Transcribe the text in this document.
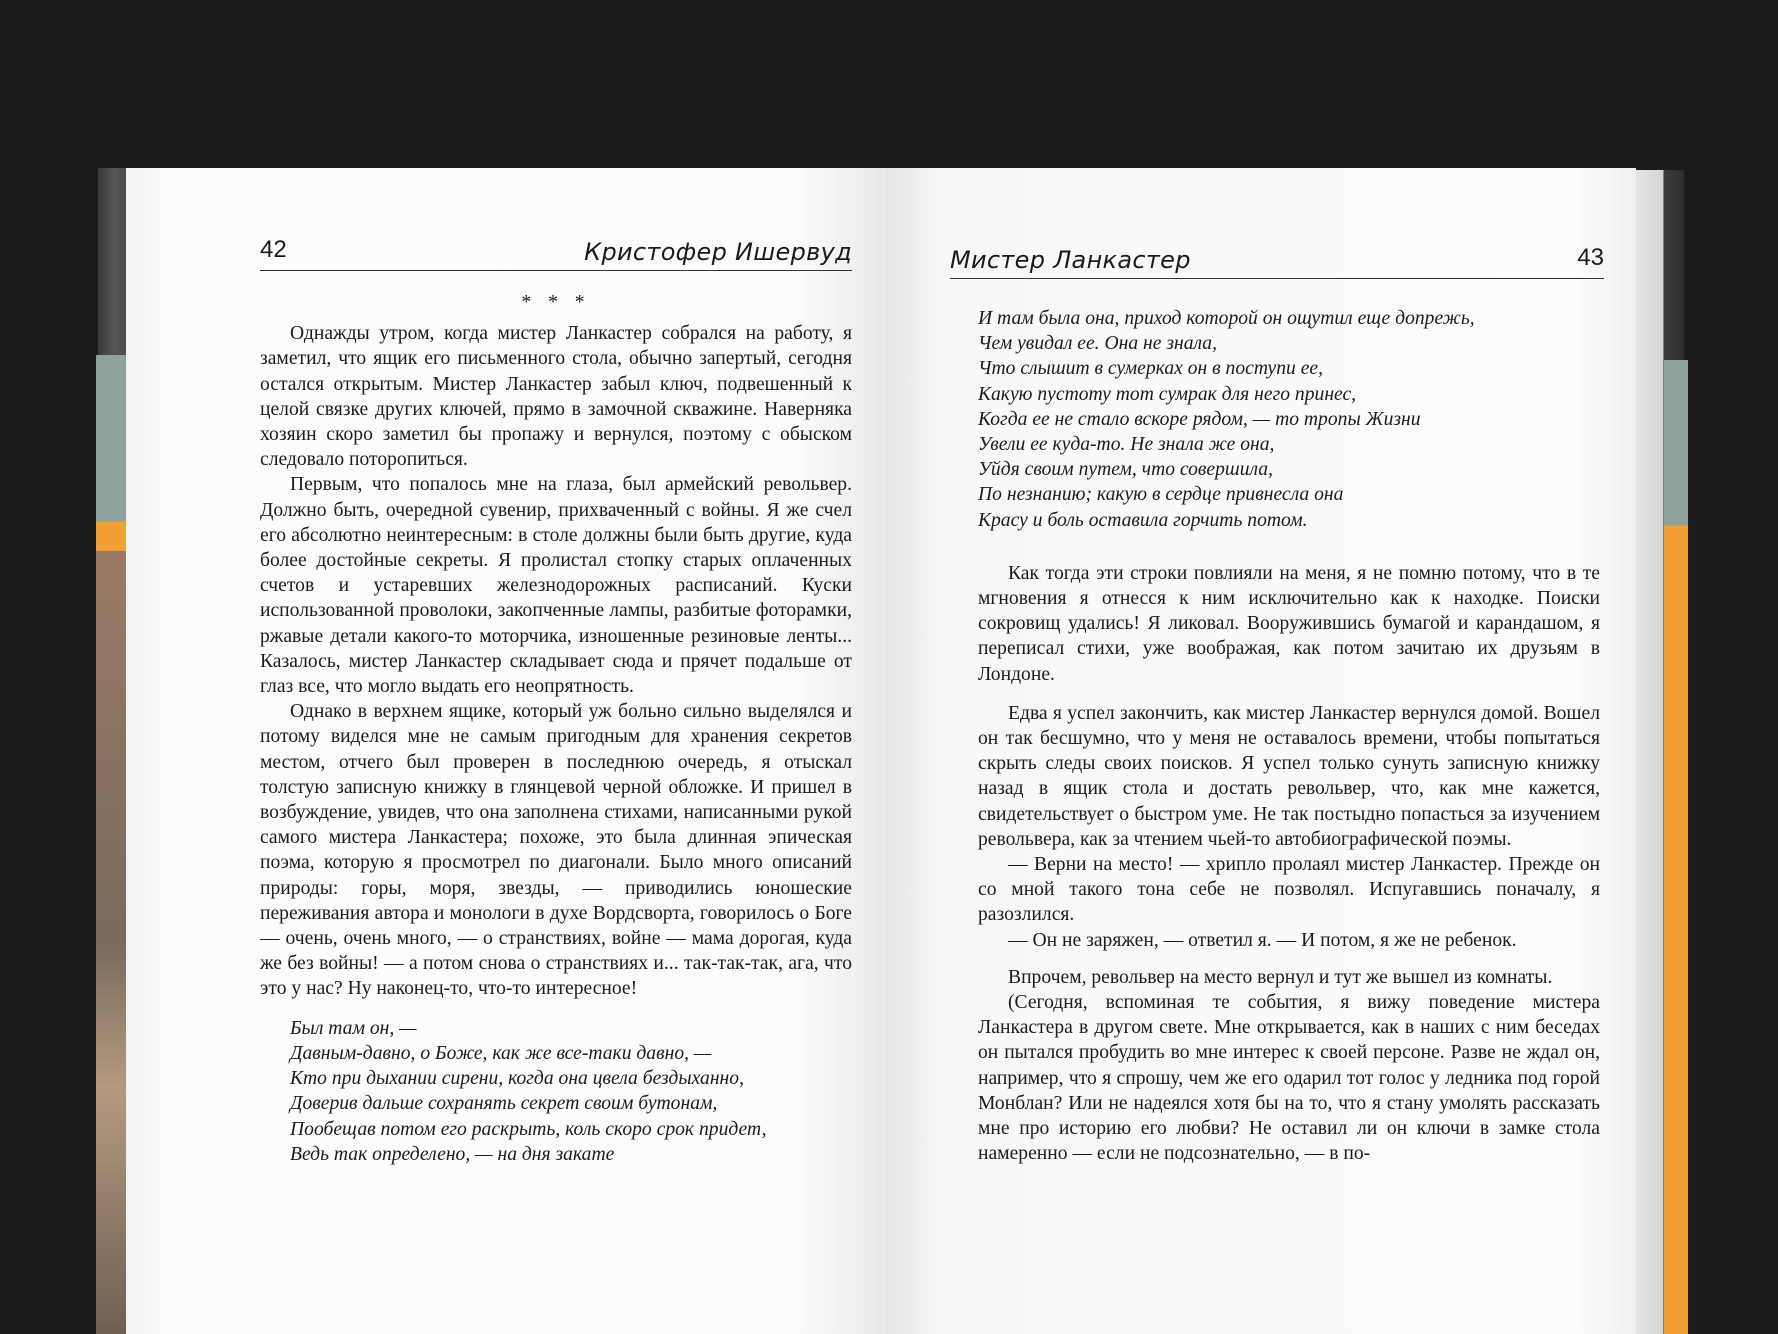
42	Кристофер Ишервуд
* * *

Однажды утром, когда мистер Ланкастер собрался на работу, я заметил, что ящик его письменного стола, обычно запертый, сегодня остался открытым. Мистер Ланкастер забыл ключ, подвешенный к целой связке других ключей, прямо в замочной скважине. Наверняка хозяин скоро заметил бы пропажу и вернулся, поэтому с обыском следовало поторопиться.

Первым, что попалось мне на глаза, был армейский револьвер. Должно быть, очередной сувенир, прихваченный с войны. Я же счел его абсолютно неинтересным: в столе должны были быть другие, куда более достойные секреты. Я пролистал стопку старых оплаченных счетов и устаревших железнодорожных расписаний. Куски использованной проволоки, закопченные лампы, разбитые фоторамки, ржавые детали какого-то моторчика, изношенные резиновые ленты... Казалось, мистер Ланкастер складывает сюда и прячет подальше от глаз все, что могло выдать его неопрятность.

Однако в верхнем ящике, который уж больно сильно выделялся и потому виделся мне не самым пригодным для хранения секретов местом, отчего был проверен в последнюю очередь, я отыскал толстую записную книжку в глянцевой черной обложке. И пришел в возбуждение, увидев, что она заполнена стихами, написанными рукой самого мистера Ланкастера; похоже, это была длинная эпическая поэма, которую я просмотрел по диагонали. Было много описаний природы: горы, моря, звезды, — приводились юношеские переживания автора и монологи в духе Вордсворта, говорилось о Боге — очень, очень много, — о странствиях, войне — мама дорогая, куда же без войны! — а потом снова о странствиях и... так-так-так, ага, что это у нас? Ну наконец-то, что-то интересное!

Был там он, —
Давным-давно, о Боже, как же все-таки давно, —
Кто при дыхании сирени, когда она цвела бездыханно,
Доверив дальше сохранять секрет своим бутонам,
Пообещав потом его раскрыть, коль скоро срок придет,
Ведь так определено, — на дня закате
Мистер Ланкастер	43
И там была она, приход которой он ощутил еще допрежь,
Чем увидал ее. Она не знала,
Что слышит в сумерках он в поступи ее,
Какую пустоту тот сумрак для него принес,
Когда ее не стало вскоре рядом, — то тропы Жизни
Увели ее куда-то. Не знала же она,
Уйдя своим путем, что совершила,
По незнанию; какую в сердце привнесла она
Красу и боль оставила горчить потом.

Как тогда эти строки повлияли на меня, я не помню потому, что в те мгновения я отнесся к ним исключительно как к находке. Поиски сокровищ удались! Я ликовал. Вооружившись бумагой и карандашом, я переписал стихи, уже воображая, как потом зачитаю их друзьям в Лондоне.

Едва я успел закончить, как мистер Ланкастер вернулся домой. Вошел он так бесшумно, что у меня не оставалось времени, чтобы попытаться скрыть следы своих поисков. Я успел только сунуть записную книжку назад в ящик стола и достать револьвер, что, как мне кажется, свидетельствует о быстром уме. Не так постыдно попасться за изучением револьвера, как за чтением чьей-то автобиографической поэмы.

— Верни на место! — хрипло пролаял мистер Ланкастер. Прежде он со мной такого тона себе не позволял. Испугавшись поначалу, я разозлился.

— Он не заряжен, — ответил я. — И потом, я же не ребенок.

Впрочем, револьвер на место вернул и тут же вышел из комнаты.

(Сегодня, вспоминая те события, я вижу поведение мистера Ланкастера в другом свете. Мне открывается, как в наших с ним беседах он пытался пробудить во мне интерес к своей персоне. Разве не ждал он, например, что я спрошу, чем же его одарил тот голос у ледника под горой Монблан? Или не надеялся хотя бы на то, что я стану умолять рассказать мне про историю его любви? Не оставил ли он ключи в замке стола намеренно — если не подсознательно, — в по-
